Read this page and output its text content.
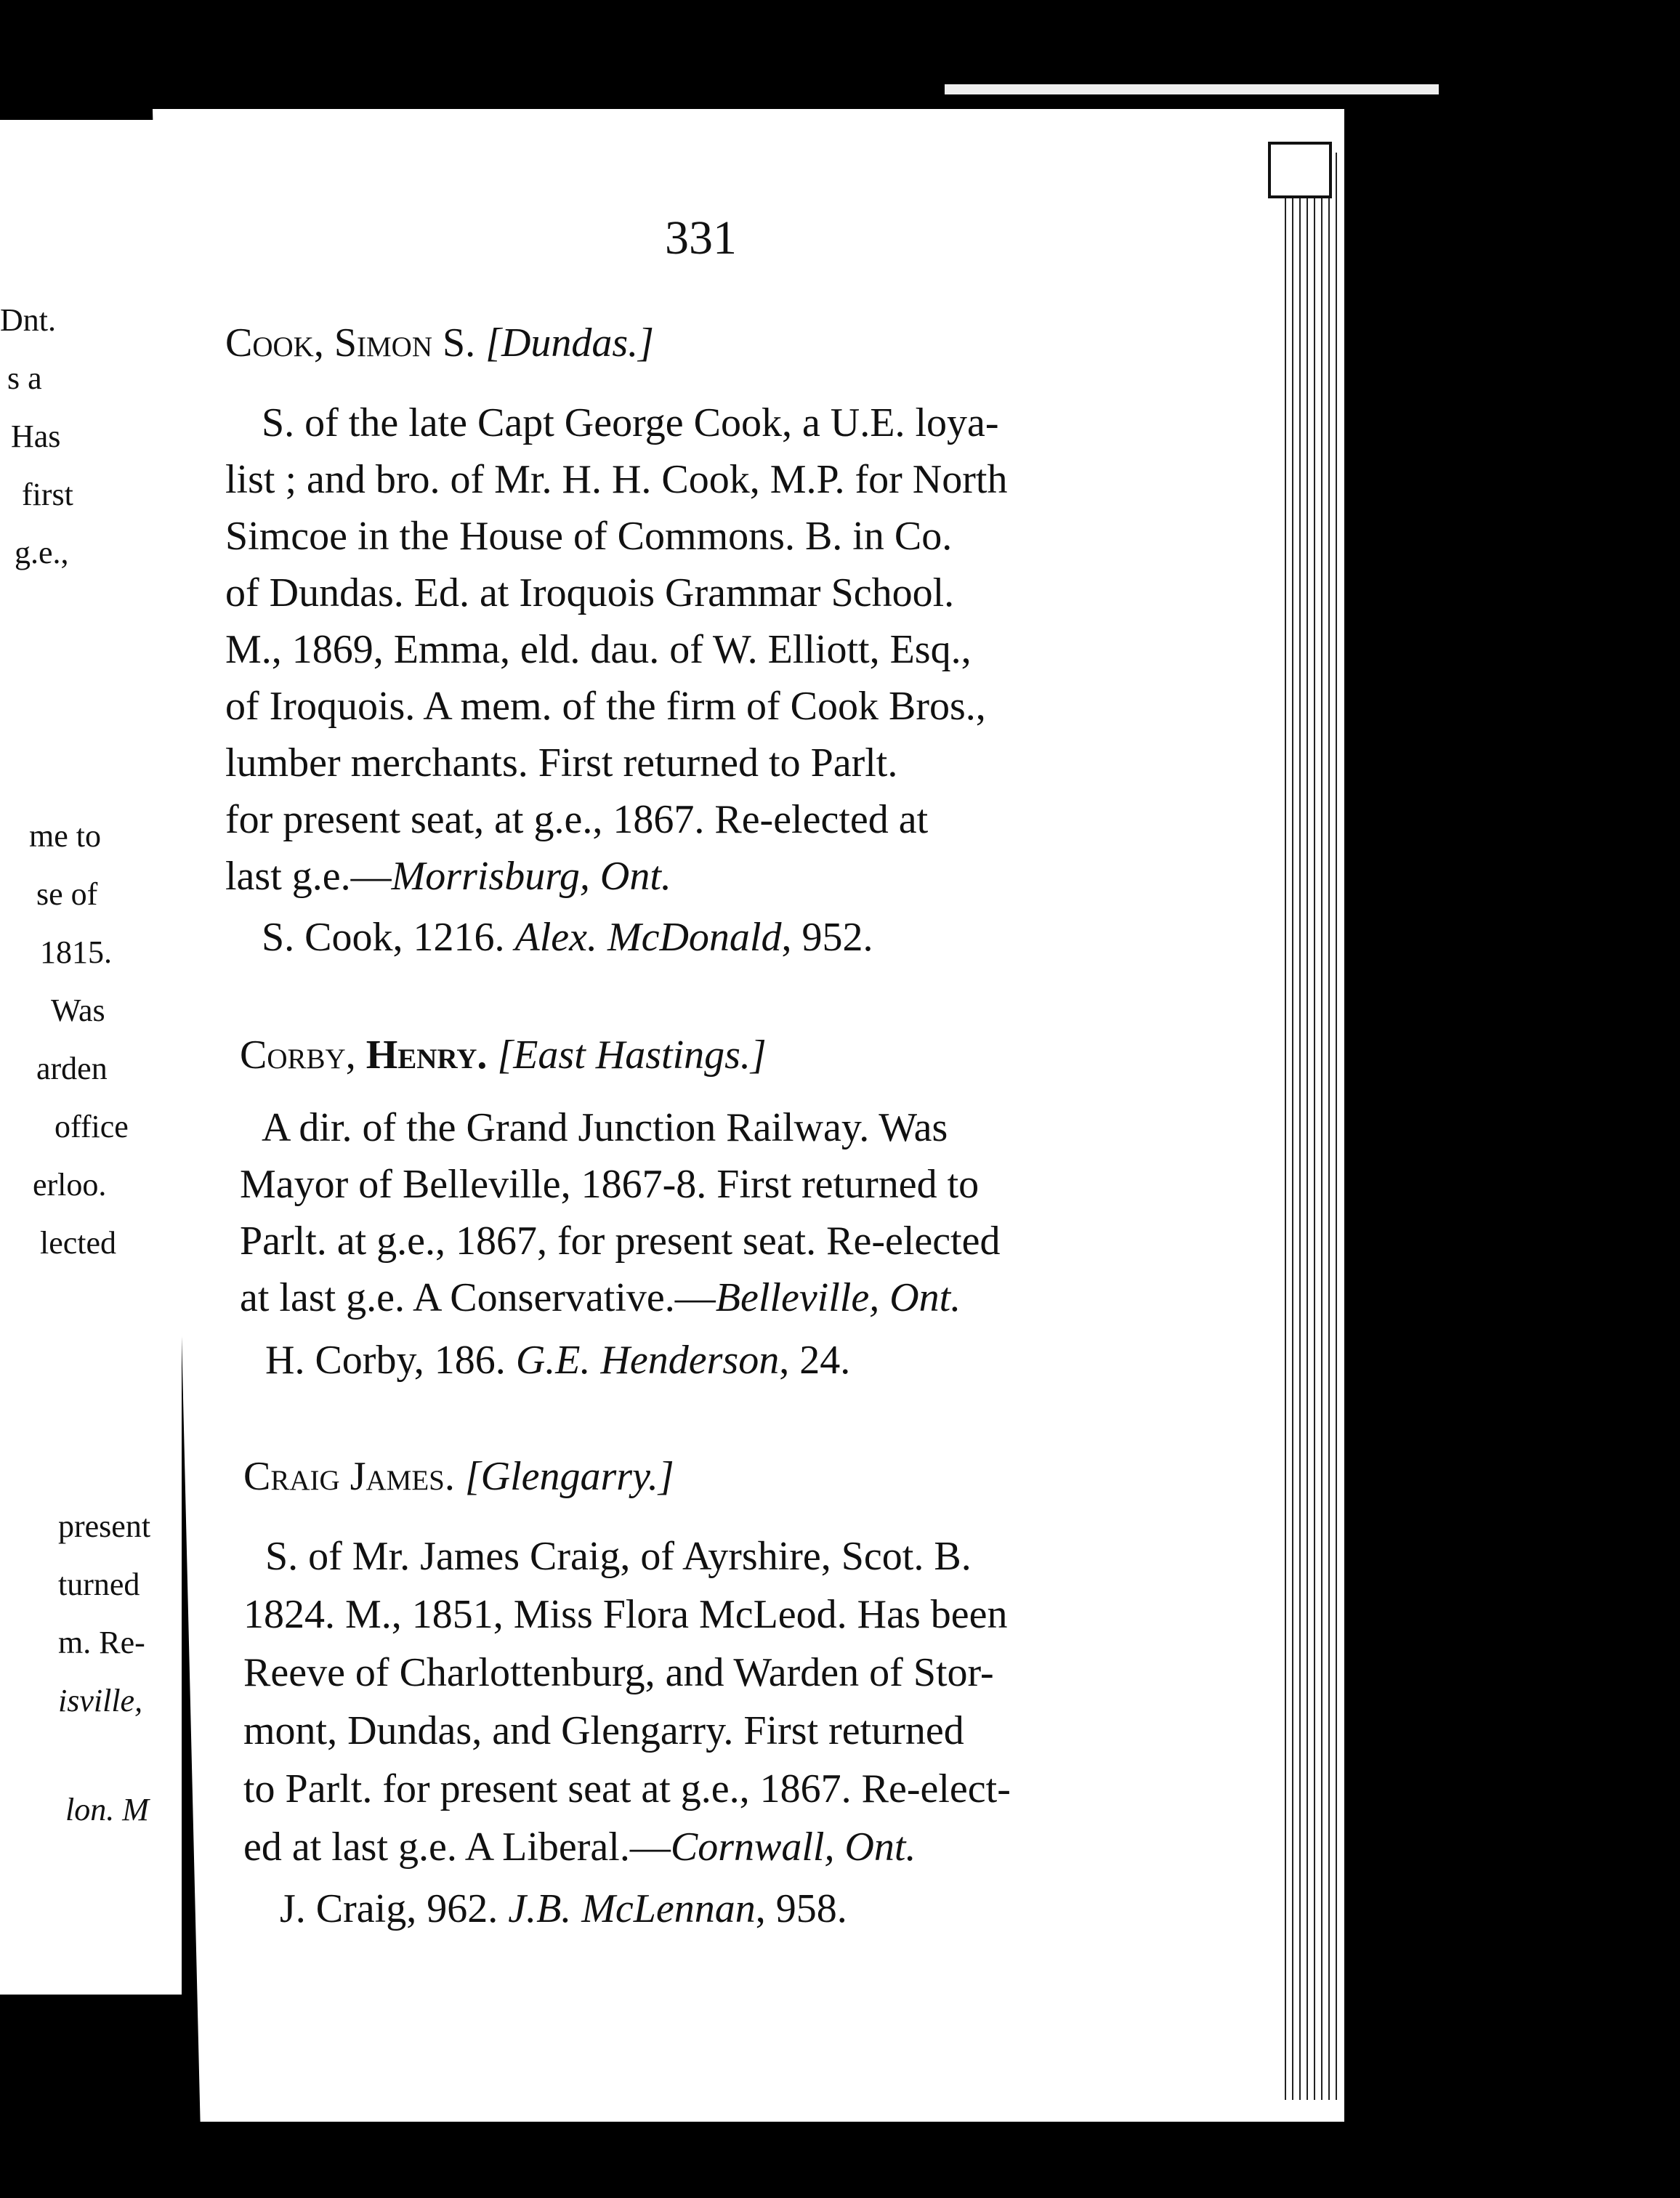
Dnt.
s a
Has
first
g.e.,
me to
se of
1815.
Was
arden
office
erloo.
lected
present
turned
m. Re-
isville,
lon. M
331
Cook, Simon S. [Dundas.]
S. of the late Capt George Cook, a U.E. loya-
list ; and bro. of Mr. H. H. Cook, M.P. for North
Simcoe in the House of Commons. B. in Co.
of Dundas. Ed. at Iroquois Grammar School.
M., 1869, Emma, eld. dau. of W. Elliott, Esq.,
of Iroquois. A mem. of the firm of Cook Bros.,
lumber merchants. First returned to Parlt.
for present seat, at g.e., 1867. Re-elected at
last g.e.—Morrisburg, Ont.
S. Cook, 1216. Alex. McDonald, 952.
Corby, Henry. [East Hastings.]
A dir. of the Grand Junction Railway. Was
Mayor of Belleville, 1867-8. First returned to
Parlt. at g.e., 1867, for present seat. Re-elected
at last g.e. A Conservative.—Belleville, Ont.
H. Corby, 186. G.E. Henderson, 24.
Craig James. [Glengarry.]
S. of Mr. James Craig, of Ayrshire, Scot. B.
1824. M., 1851, Miss Flora McLeod. Has been
Reeve of Charlottenburg, and Warden of Stor-
mont, Dundas, and Glengarry. First returned
to Parlt. for present seat at g.e., 1867. Re-elect-
ed at last g.e. A Liberal.—Cornwall, Ont.
J. Craig, 962. J.B. McLennan, 958.
